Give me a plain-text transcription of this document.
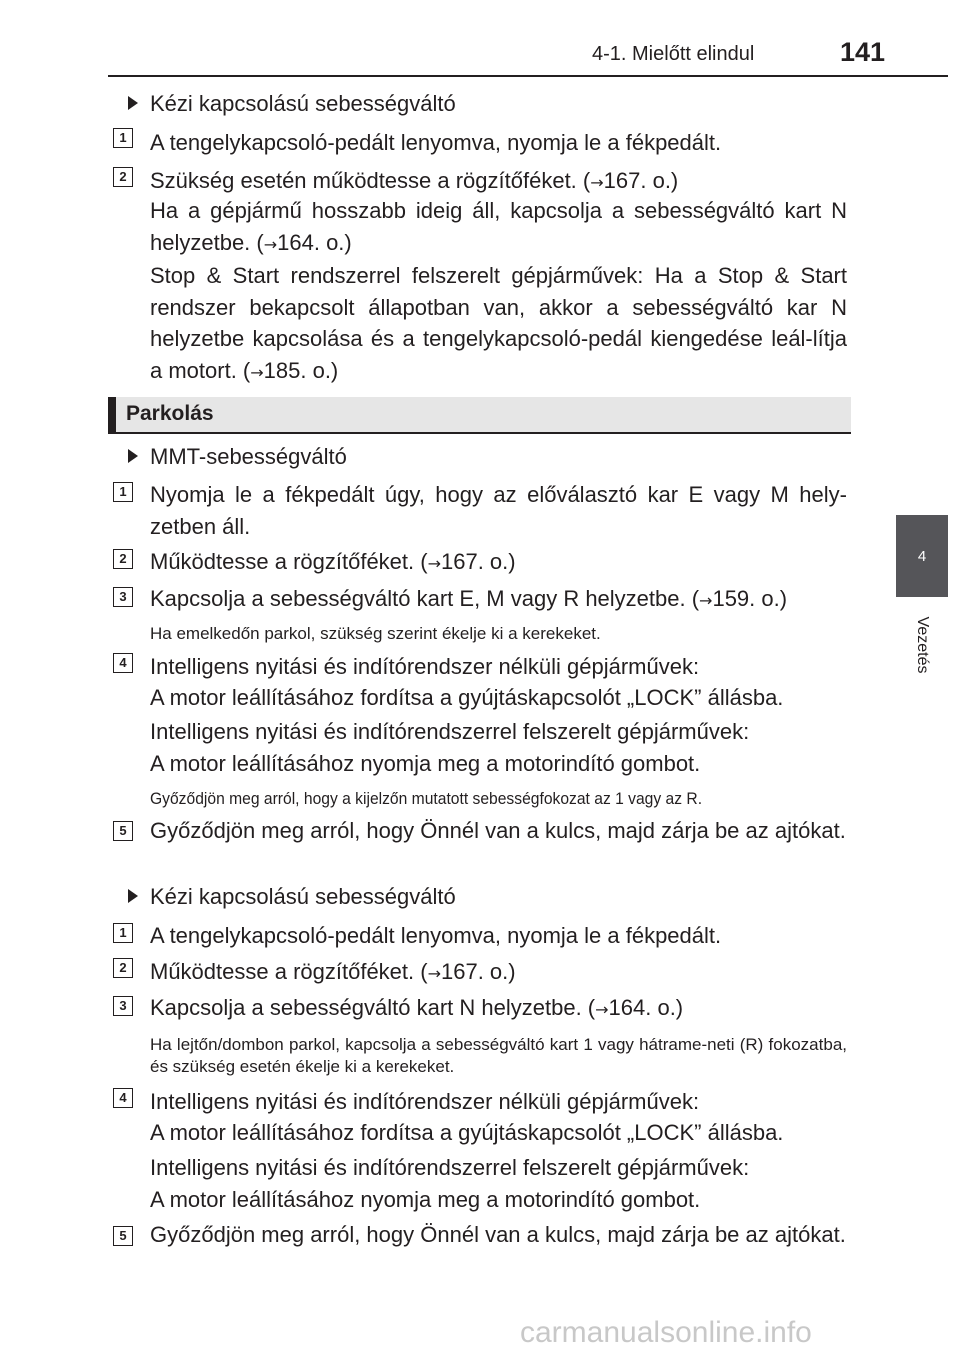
4-1. Mielőtt elindul	141
4
Vezetés
Kézi kapcsolású sebességváltó
1 A tengelykapcsoló-pedált lenyomva, nyomja le a fékpedált.
2 Szükség esetén működtesse a rögzítőféket. (→167. o.)
Ha a gépjármű hosszabb ideig áll, kapcsolja a sebességváltó kart N helyzetbe. (→164. o.)
Stop & Start rendszerrel felszerelt gépjárművek: Ha a Stop & Start rendszer bekapcsolt állapotban van, akkor a sebességváltó kar N helyzetbe kapcsolása és a tengelykapcsoló-pedál kiengedése leál-lítja a motort. (→185. o.)
Parkolás
MMT-sebességváltó
1 Nyomja le a fékpedált úgy, hogy az előválasztó kar E vagy M hely-zetben áll.
2 Működtesse a rögzítőféket. (→167. o.)
3 Kapcsolja a sebességváltó kart E, M vagy R helyzetbe. (→159. o.)
Ha emelkedőn parkol, szükség szerint ékelje ki a kerekeket.
4 Intelligens nyitási és indítórendszer nélküli gépjárművek:
A motor leállításához fordítsa a gyújtáskapcsolót „LOCK” állásba.
Intelligens nyitási és indítórendszerrel felszerelt gépjárművek:
A motor leállításához nyomja meg a motorindító gombot.
Győződjön meg arról, hogy a kijelzőn mutatott sebességfokozat az 1 vagy az R.
5 Győződjön meg arról, hogy Önnél van a kulcs, majd zárja be az ajtókat.
Kézi kapcsolású sebességváltó
1 A tengelykapcsoló-pedált lenyomva, nyomja le a fékpedált.
2 Működtesse a rögzítőféket. (→167. o.)
3 Kapcsolja a sebességváltó kart N helyzetbe. (→164. o.)
Ha lejtőn/dombon parkol, kapcsolja a sebességváltó kart 1 vagy hátrame-neti (R) fokozatba, és szükség esetén ékelje ki a kerekeket.
4 Intelligens nyitási és indítórendszer nélküli gépjárművek:
A motor leállításához fordítsa a gyújtáskapcsolót „LOCK” állásba.
Intelligens nyitási és indítórendszerrel felszerelt gépjárművek:
A motor leállításához nyomja meg a motorindító gombot.
5 Győződjön meg arról, hogy Önnél van a kulcs, majd zárja be az ajtókat.
carmanualsonline.info
